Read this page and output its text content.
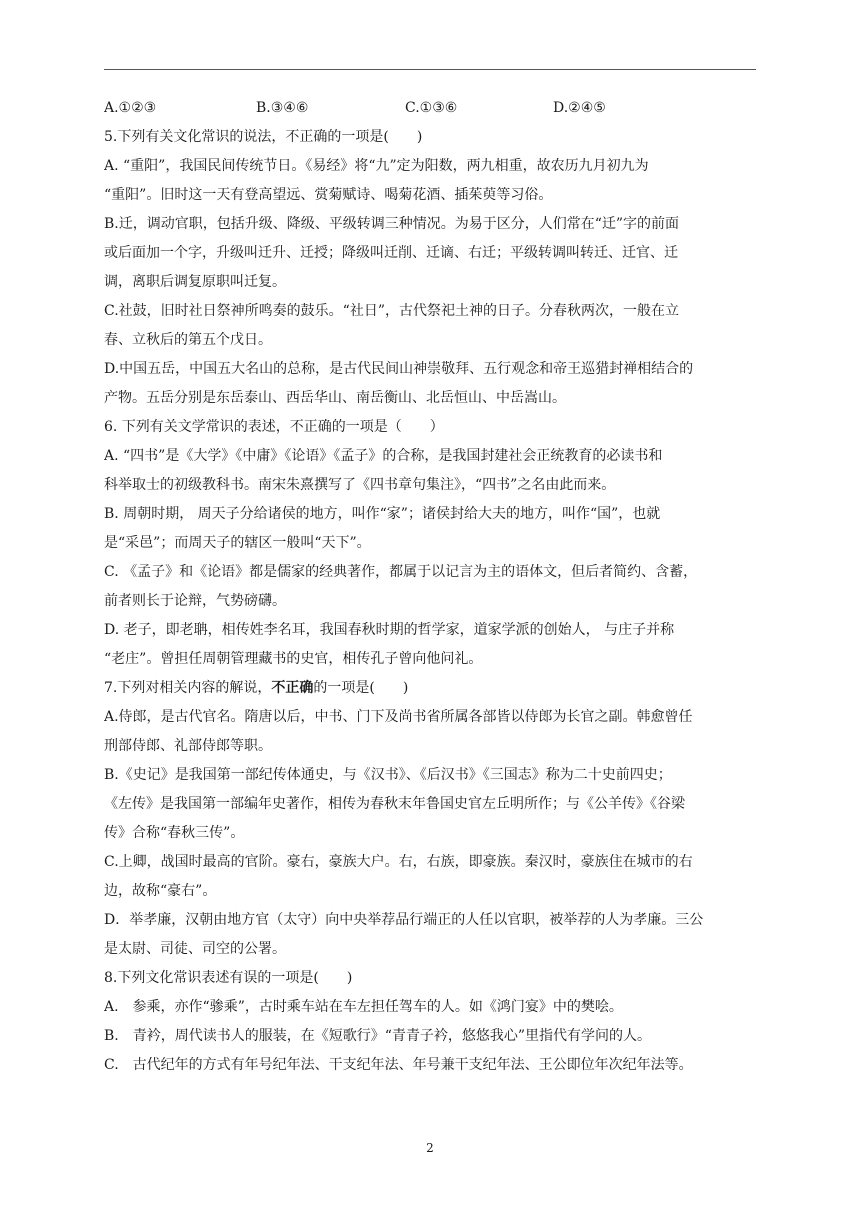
A.①②③	B.③④⑥	C.①③⑥	D.②④⑤
5.下列有关文化常识的说法，不正确的一项是(　　)
A. “重阳”，我国民间传统节日。《易经》将“九”定为阳数，两九相重，故农历九月初九为
“重阳”。旧时这一天有登高望远、赏菊赋诗、喝菊花酒、插茱萸等习俗。
B.迁，调动官职，包括升级、降级、平级转调三种情况。为易于区分，人们常在“迁”字的前面
或后面加一个字，升级叫迁升、迁授；降级叫迁削、迁谪、右迁；平级转调叫转迁、迁官、迁
调，离职后调复原职叫迁复。
C.社鼓，旧时社日祭神所鸣奏的鼓乐。“社日”，古代祭祀土神的日子。分春秋两次，一般在立
春、立秋后的第五个戊日。
D.中国五岳，中国五大名山的总称，是古代民间山神崇敬拜、五行观念和帝王巡猎封禅相结合的
产物。五岳分别是东岳泰山、西岳华山、南岳衡山、北岳恒山、中岳嵩山。
6. 下列有关文学常识的表述，不正确的一项是（　　）
A. “四书”是《大学》《中庸》《论语》《孟子》的合称，是我国封建社会正统教育的必读书和
科举取士的初级教科书。南宋朱熹撰写了《四书章句集注》，“四书”之名由此而来。
B. 周朝时期， 周天子分给诸侯的地方，叫作“家”；诸侯封给大夫的地方，叫作“国”，也就
是“采邑”；而周天子的辖区一般叫“天下”。
C. 《孟子》和《论语》都是儒家的经典著作，都属于以记言为主的语体文，但后者简约、含蓄，
前者则长于论辩，气势磅礴。
D. 老子，即老聃，相传姓李名耳，我国春秋时期的哲学家，道家学派的创始人， 与庄子并称
“老庄”。曾担任周朝管理藏书的史官，相传孔子曾向他问礼。
7.下列对相关内容的解说，不正确的一项是(　　)
A.侍郎，是古代官名。隋唐以后，中书、门下及尚书省所属各部皆以侍郎为长官之副。韩愈曾任
刑部侍郎、礼部侍郎等职。
B.《史记》是我国第一部纪传体通史，与《汉书》、《后汉书》《三国志》称为二十史前四史；
《左传》是我国第一部编年史著作，相传为春秋末年鲁国史官左丘明所作；与《公羊传》《谷梁
传》合称“春秋三传”。
C.上卿，战国时最高的官阶。豪右，豪族大户。右，右族，即豪族。秦汉时，豪族住在城市的右
边，故称“豪右”。
D．举孝廉，汉朝由地方官（太守）向中央举荐品行端正的人任以官职，被举荐的人为孝廉。三公
是太尉、司徒、司空的公署。
8.下列文化常识表述有误的一项是(　　)
A.　参乘，亦作“骖乘”，古时乘车站在车左担任驾车的人。如《鸿门宴》中的樊哙。
B.　青衿，周代读书人的服装，在《短歌行》“青青子衿，悠悠我心”里指代有学问的人。
C.　古代纪年的方式有年号纪年法、干支纪年法、年号兼干支纪年法、王公即位年次纪年法等。
2
